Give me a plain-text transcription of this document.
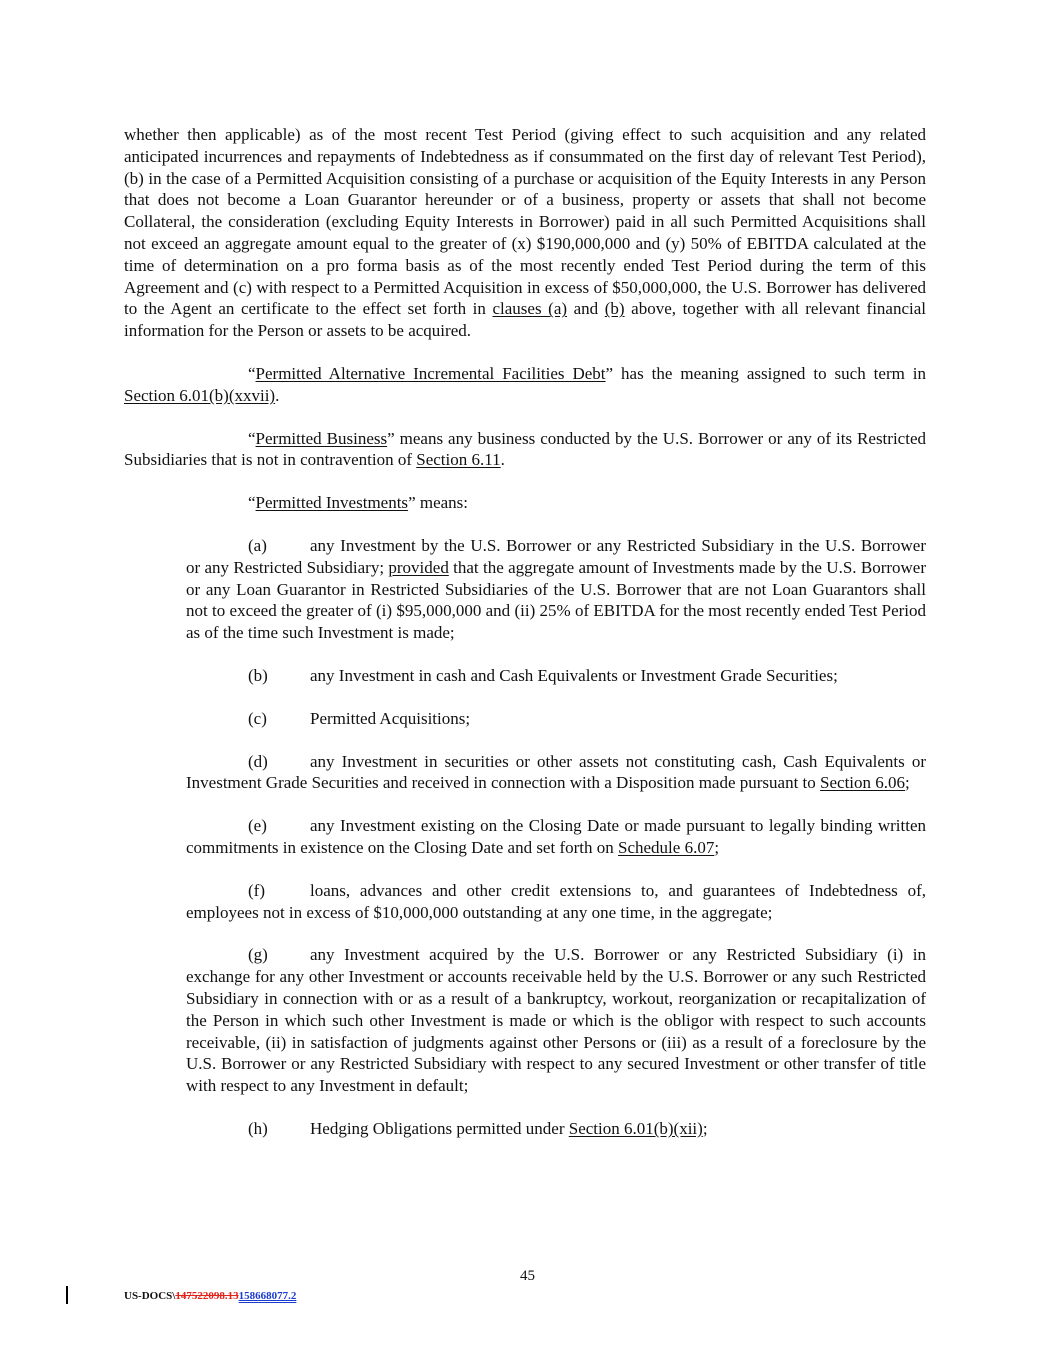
whether then applicable) as of the most recent Test Period (giving effect to such acquisition and any related anticipated incurrences and repayments of Indebtedness as if consummated on the first day of relevant Test Period), (b) in the case of a Permitted Acquisition consisting of a purchase or acquisition of the Equity Interests in any Person that does not become a Loan Guarantor hereunder or of a business, property or assets that shall not become Collateral, the consideration (excluding Equity Interests in Borrower) paid in all such Permitted Acquisitions shall not exceed an aggregate amount equal to the greater of (x) $190,000,000 and (y) 50% of EBITDA calculated at the time of determination on a pro forma basis as of the most recently ended Test Period during the term of this Agreement and (c) with respect to a Permitted Acquisition in excess of $50,000,000, the U.S. Borrower has delivered to the Agent an certificate to the effect set forth in clauses (a) and (b) above, together with all relevant financial information for the Person or assets to be acquired.

“Permitted Alternative Incremental Facilities Debt” has the meaning assigned to such term in Section 6.01(b)(xxvii).

“Permitted Business” means any business conducted by the U.S. Borrower or any of its Restricted Subsidiaries that is not in contravention of Section 6.11.

“Permitted Investments” means:

(a)	any Investment by the U.S. Borrower or any Restricted Subsidiary in the U.S. Borrower or any Restricted Subsidiary; provided that the aggregate amount of Investments made by the U.S. Borrower or any Loan Guarantor in Restricted Subsidiaries of the U.S. Borrower that are not Loan Guarantors shall not to exceed the greater of (i) $95,000,000 and (ii) 25% of EBITDA for the most recently ended Test Period as of the time such Investment is made;

(b) any Investment in cash and Cash Equivalents or Investment Grade Securities;

(c)	Permitted Acquisitions;

(d) any Investment in securities or other assets not constituting cash, Cash Equivalents or Investment Grade Securities and received in connection with a Disposition made pursuant to Section 6.06;

(e)	any Investment existing on the Closing Date or made pursuant to legally binding written commitments in existence on the Closing Date and set forth on Schedule 6.07;

(f)	loans, advances and other credit extensions to, and guarantees of Indebtedness of, employees not in excess of $10,000,000 outstanding at any one time, in the aggregate;

(g) any Investment acquired by the U.S. Borrower or any Restricted Subsidiary (i) in exchange for any other Investment or accounts receivable held by the U.S. Borrower or any such Restricted Subsidiary in connection with or as a result of a bankruptcy, workout, reorganization or recapitalization of the Person in which such other Investment is made or which is the obligor with respect to such accounts receivable, (ii) in satisfaction of judgments against other Persons or (iii) as a result of a foreclosure by the U.S. Borrower or any Restricted Subsidiary with respect to any secured Investment or other transfer of title with respect to any Investment in default;

(h) Hedging Obligations permitted under Section 6.01(b)(xii);

45
US-DOCS\147522098.13158668077.2
